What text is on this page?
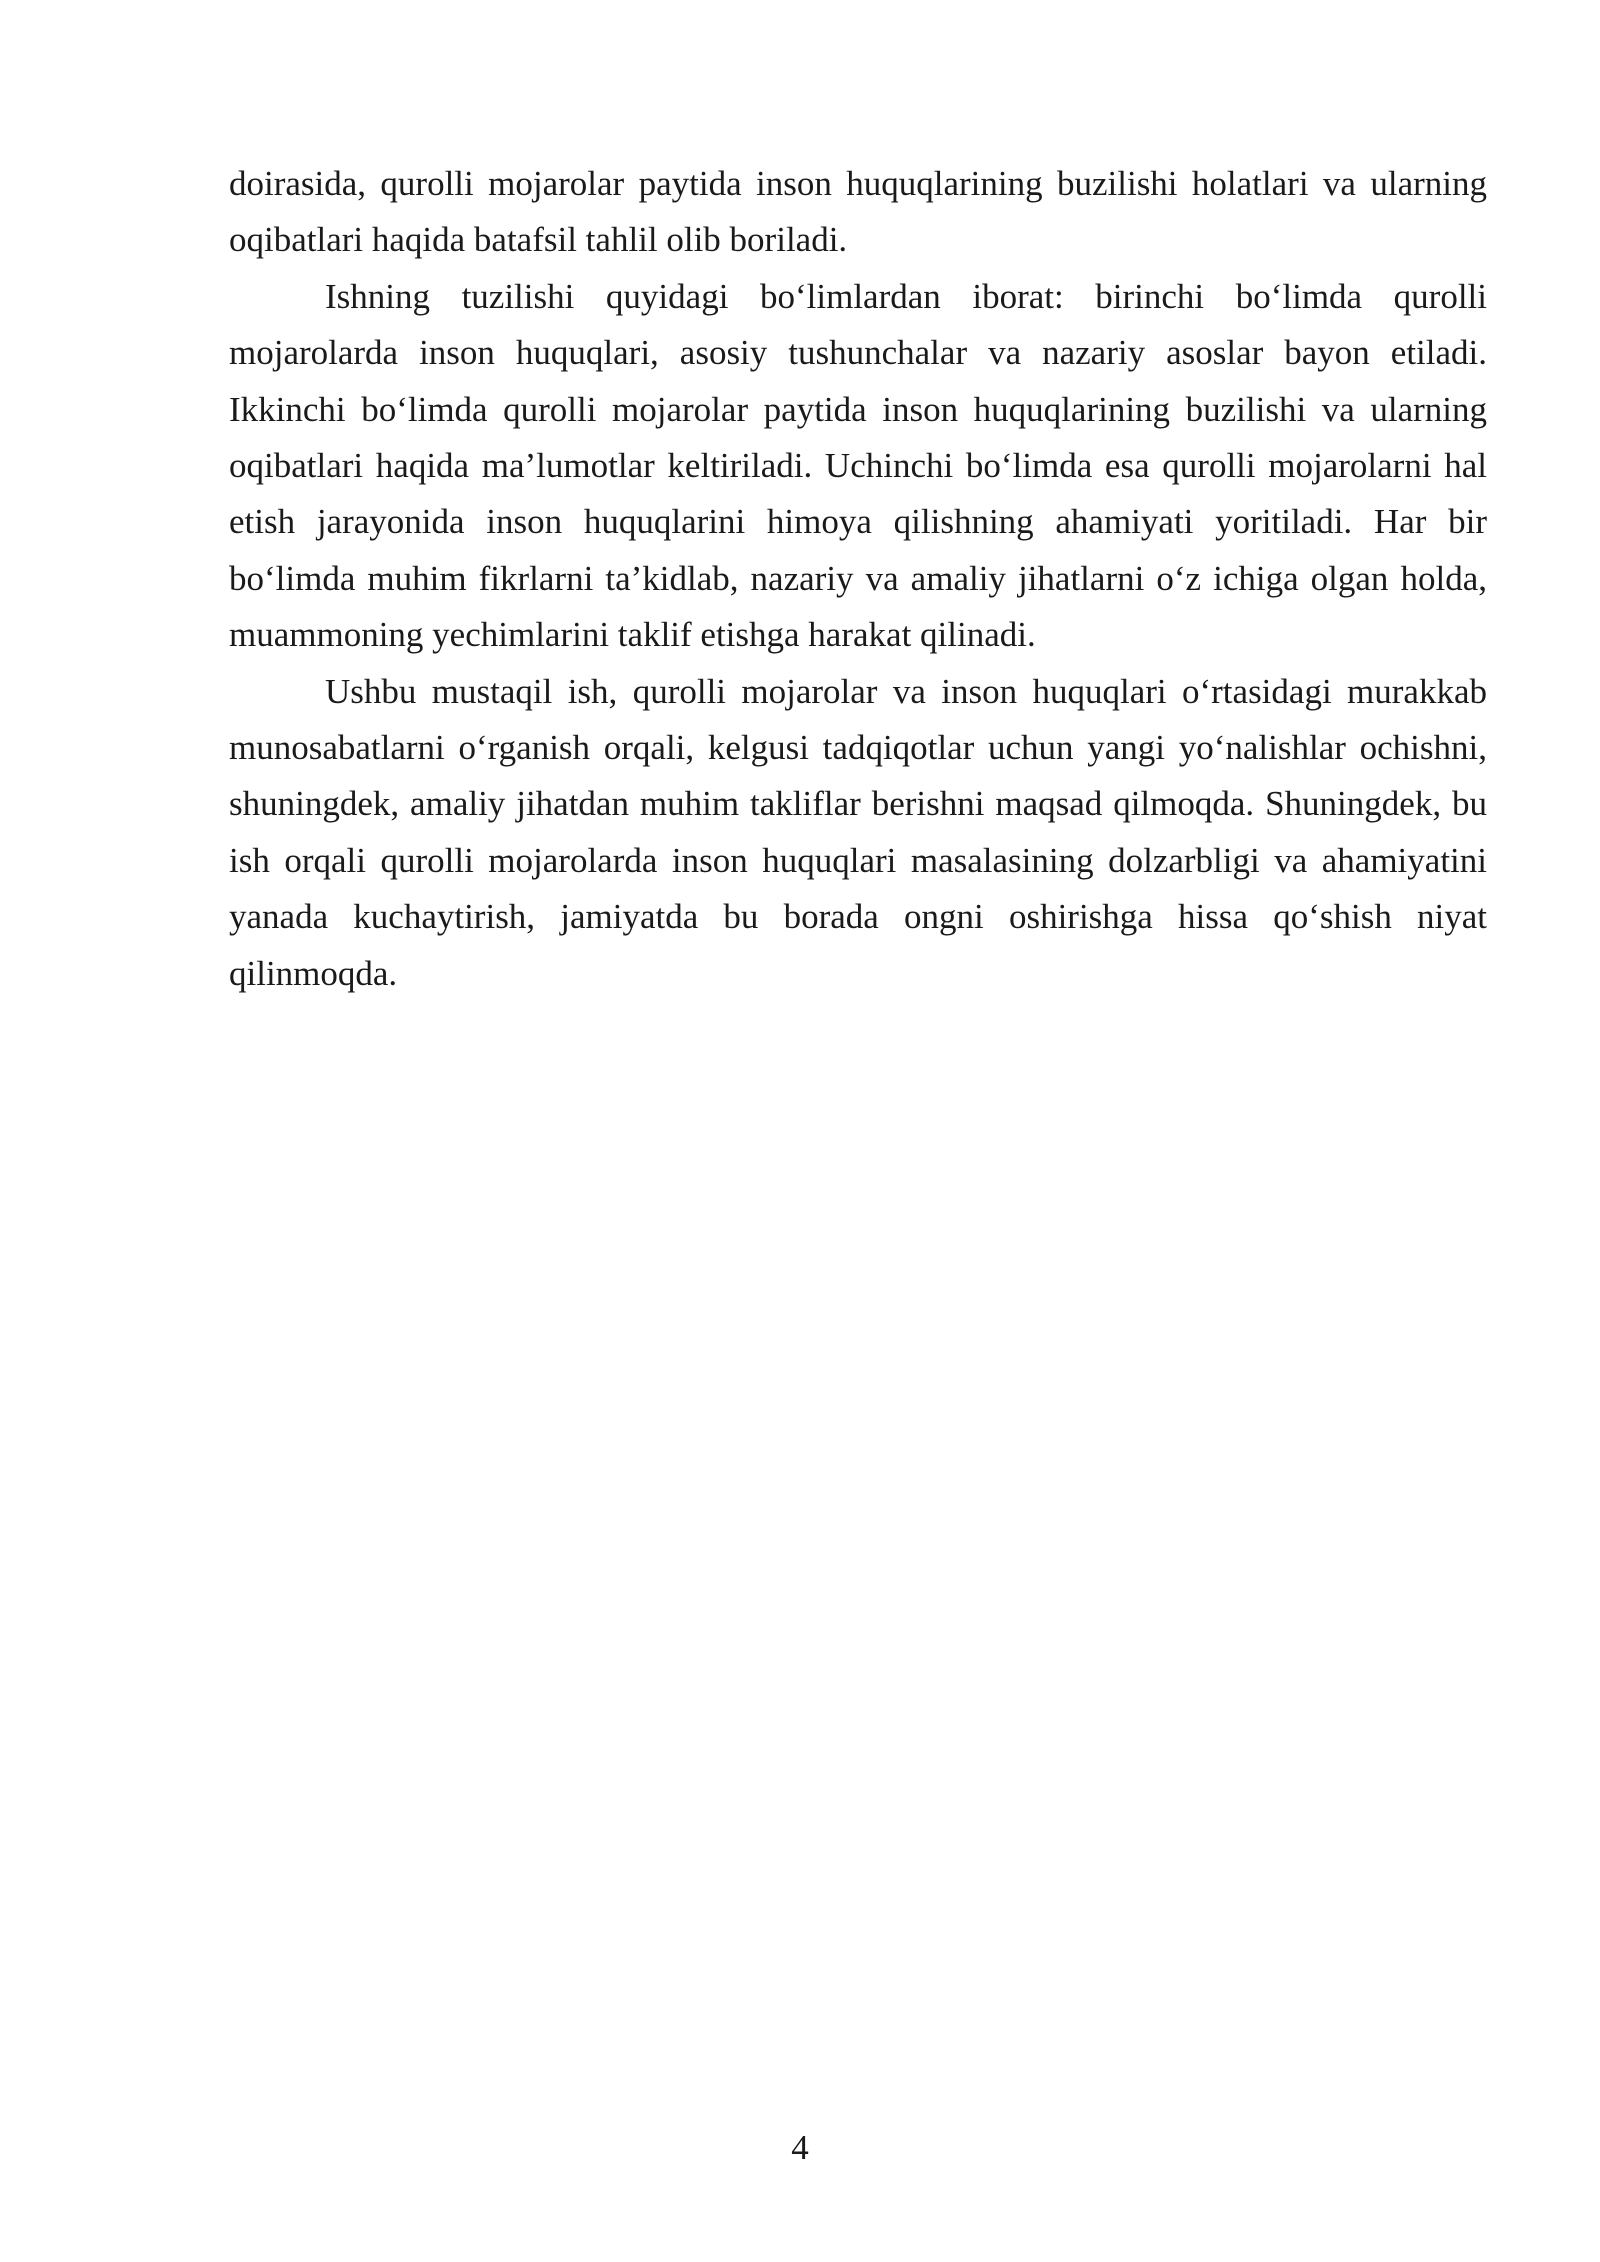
doirasida, qurolli mojarolar paytida inson huquqlarining buzilishi holatlari va ularning oqibatlari haqida batafsil tahlil olib boriladi.

Ishning tuzilishi quyidagi bo‘limlardan iborat: birinchi bo‘limda qurolli mojarolarda inson huquqlari, asosiy tushunchalar va nazariy asoslar bayon etiladi. Ikkinchi bo‘limda qurolli mojarolar paytida inson huquqlarining buzilishi va ularning oqibatlari haqida ma’lumotlar keltiriladi. Uchinchi bo‘limda esa qurolli mojarolarni hal etish jarayonida inson huquqlarini himoya qilishning ahamiyati yoritiladi. Har bir bo‘limda muhim fikrlarni ta’kidlab, nazariy va amaliy jihatlarni o‘z ichiga olgan holda, muammoning yechimlarini taklif etishga harakat qilinadi.

Ushbu mustaqil ish, qurolli mojarolar va inson huquqlari o‘rtasidagi murakkab munosabatlarni o‘rganish orqali, kelgusi tadqiqotlar uchun yangi yo‘nalishlar ochishni, shuningdek, amaliy jihatdan muhim takliflar berishni maqsad qilmoqda. Shuningdek, bu ish orqali qurolli mojarolarda inson huquqlari masalasining dolzarbligi va ahamiyatini yanada kuchaytirish, jamiyatda bu borada ongni oshirishga hissa qo‘shish niyat qilinmoqda.

4
